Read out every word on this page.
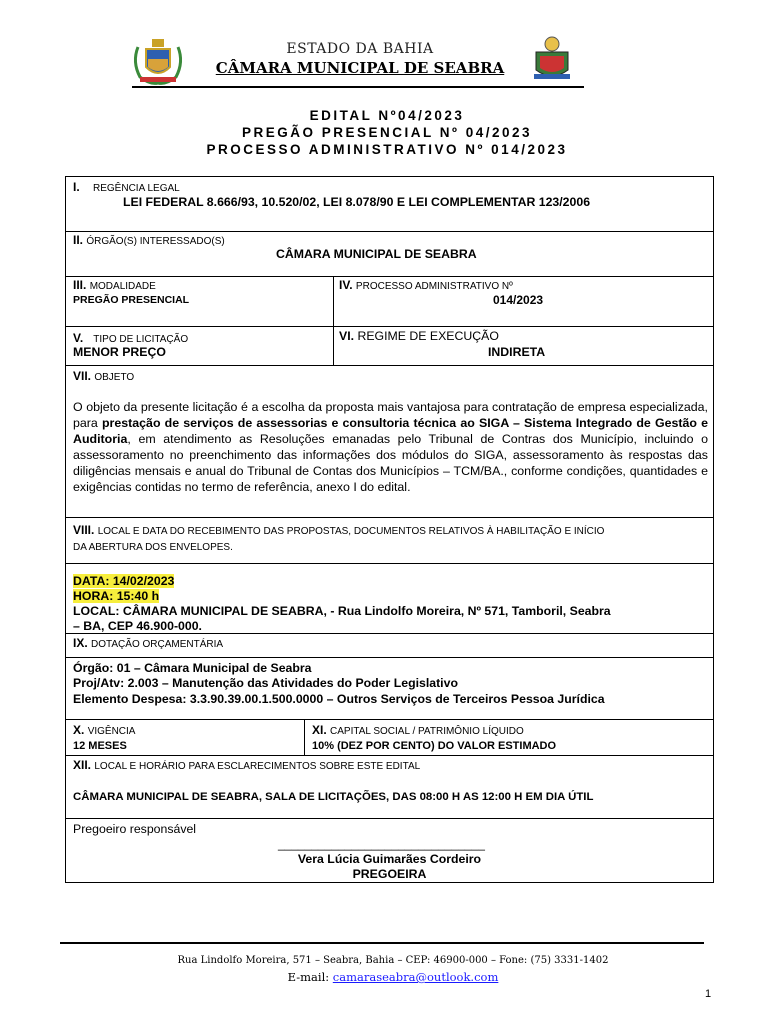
ESTADO DA BAHIA
CÂMARA MUNICIPAL DE SEABRA
EDITAL Nº04/2023
PREGÃO PRESENCIAL Nº 04/2023
PROCESSO ADMINISTRATIVO Nº 014/2023
I. REGÊNCIA LEGAL
LEI FEDERAL 8.666/93, 10.520/02, LEI 8.078/90 E LEI COMPLEMENTAR 123/2006
II. ÓRGÃO(S) INTERESSADO(S)
CÂMARA MUNICIPAL DE SEABRA
III. MODALIDADE
PREGÃO PRESENCIAL
IV. PROCESSO ADMINISTRATIVO Nº
014/2023
V. TIPO DE LICITAÇÃO
MENOR PREÇO
VI. REGIME DE EXECUÇÃO
INDIRETA
VII. OBJETO
O objeto da presente licitação é a escolha da proposta mais vantajosa para contratação de empresa especializada, para prestação de serviços de assessorias e consultoria técnica ao SIGA – Sistema Integrado de Gestão e Auditoria, em atendimento as Resoluções emanadas pelo Tribunal de Contras dos Município, incluindo o assessoramento no preenchimento das informações dos módulos do SIGA, assessoramento às respostas das diligências mensais e anual do Tribunal de Contas dos Municípios – TCM/BA., conforme condições, quantidades e exigências contidas no termo de referência, anexo I do edital.
VIII. LOCAL E DATA DO RECEBIMENTO DAS PROPOSTAS, DOCUMENTOS RELATIVOS À HABILITAÇÃO E INÍCIO
DA ABERTURA DOS ENVELOPES.
DATA: 14/02/2023
HORA: 15:40 h
LOCAL: CÂMARA MUNICIPAL DE SEABRA, - Rua Lindolfo Moreira, Nº 571, Tamboril, Seabra
– BA, CEP 46.900-000.
IX. DOTAÇÃO ORÇAMENTÁRIA
Órgão: 01 – Câmara Municipal de Seabra
Proj/Atv: 2.003 – Manutenção das Atividades do Poder Legislativo
Elemento Despesa: 3.3.90.39.00.1.500.0000 – Outros Serviços de Terceiros Pessoa Jurídica
X. VIGÊNCIA
12 MESES
XI. CAPITAL SOCIAL / PATRIMÔNIO LÍQUIDO
10% (DEZ POR CENTO) DO VALOR ESTIMADO
XII. LOCAL E HORÁRIO PARA ESCLARECIMENTOS SOBRE ESTE EDITAL
CÂMARA MUNICIPAL DE SEABRA, SALA DE LICITAÇÕES, DAS 08:00 H AS 12:00 H EM DIA ÚTIL
Pregoeiro responsável
_______________________________
Vera Lúcia Guimarães Cordeiro
PREGOEIRA
Rua Lindolfo Moreira, 571 – Seabra, Bahia – CEP: 46900-000 – Fone: (75) 3331-1402
E-mail: camaraseabra@outlook.com
1
